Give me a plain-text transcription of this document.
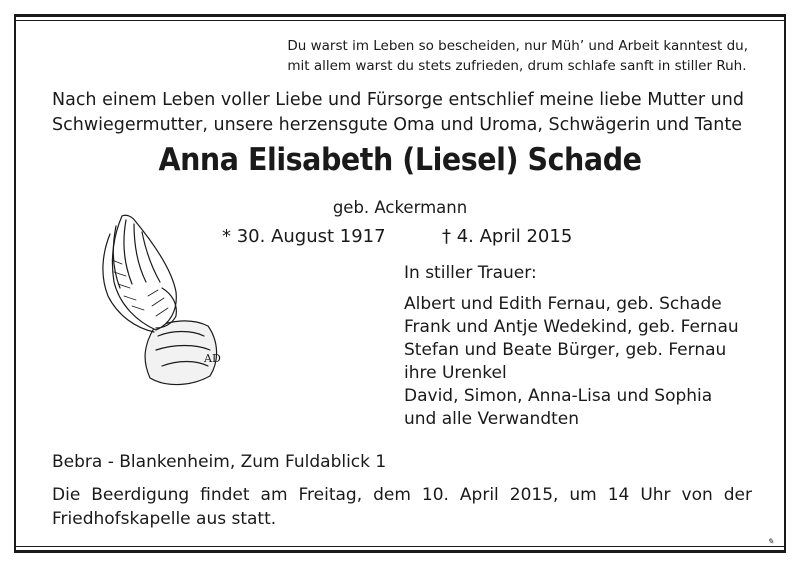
Du warst im Leben so bescheiden, nur Müh’ und Arbeit kanntest du,
mit allem warst du stets zufrieden, drum schlafe sanft in stiller Ruh.
Nach einem Leben voller Liebe und Fürsorge entschlief meine liebe Mutter und
Schwiegermutter, unsere herzensgute Oma und Uroma, Schwägerin und Tante
Anna Elisabeth (Liesel) Schade
geb. Ackermann
* 30. August 1917	† 4. April 2015
AD
In stiller Trauer:
Albert und Edith Fernau, geb. Schade
Frank und Antje Wedekind, geb. Fernau
Stefan und Beate Bürger, geb. Fernau
ihre Urenkel
David, Simon, Anna-Lisa und Sophia
und alle Verwandten
Bebra - Blankenheim, Zum Fuldablick 1
Die Beerdigung findet am Freitag, dem 10. April 2015, um 14 Uhr von der
Friedhofskapelle aus statt.
✎
